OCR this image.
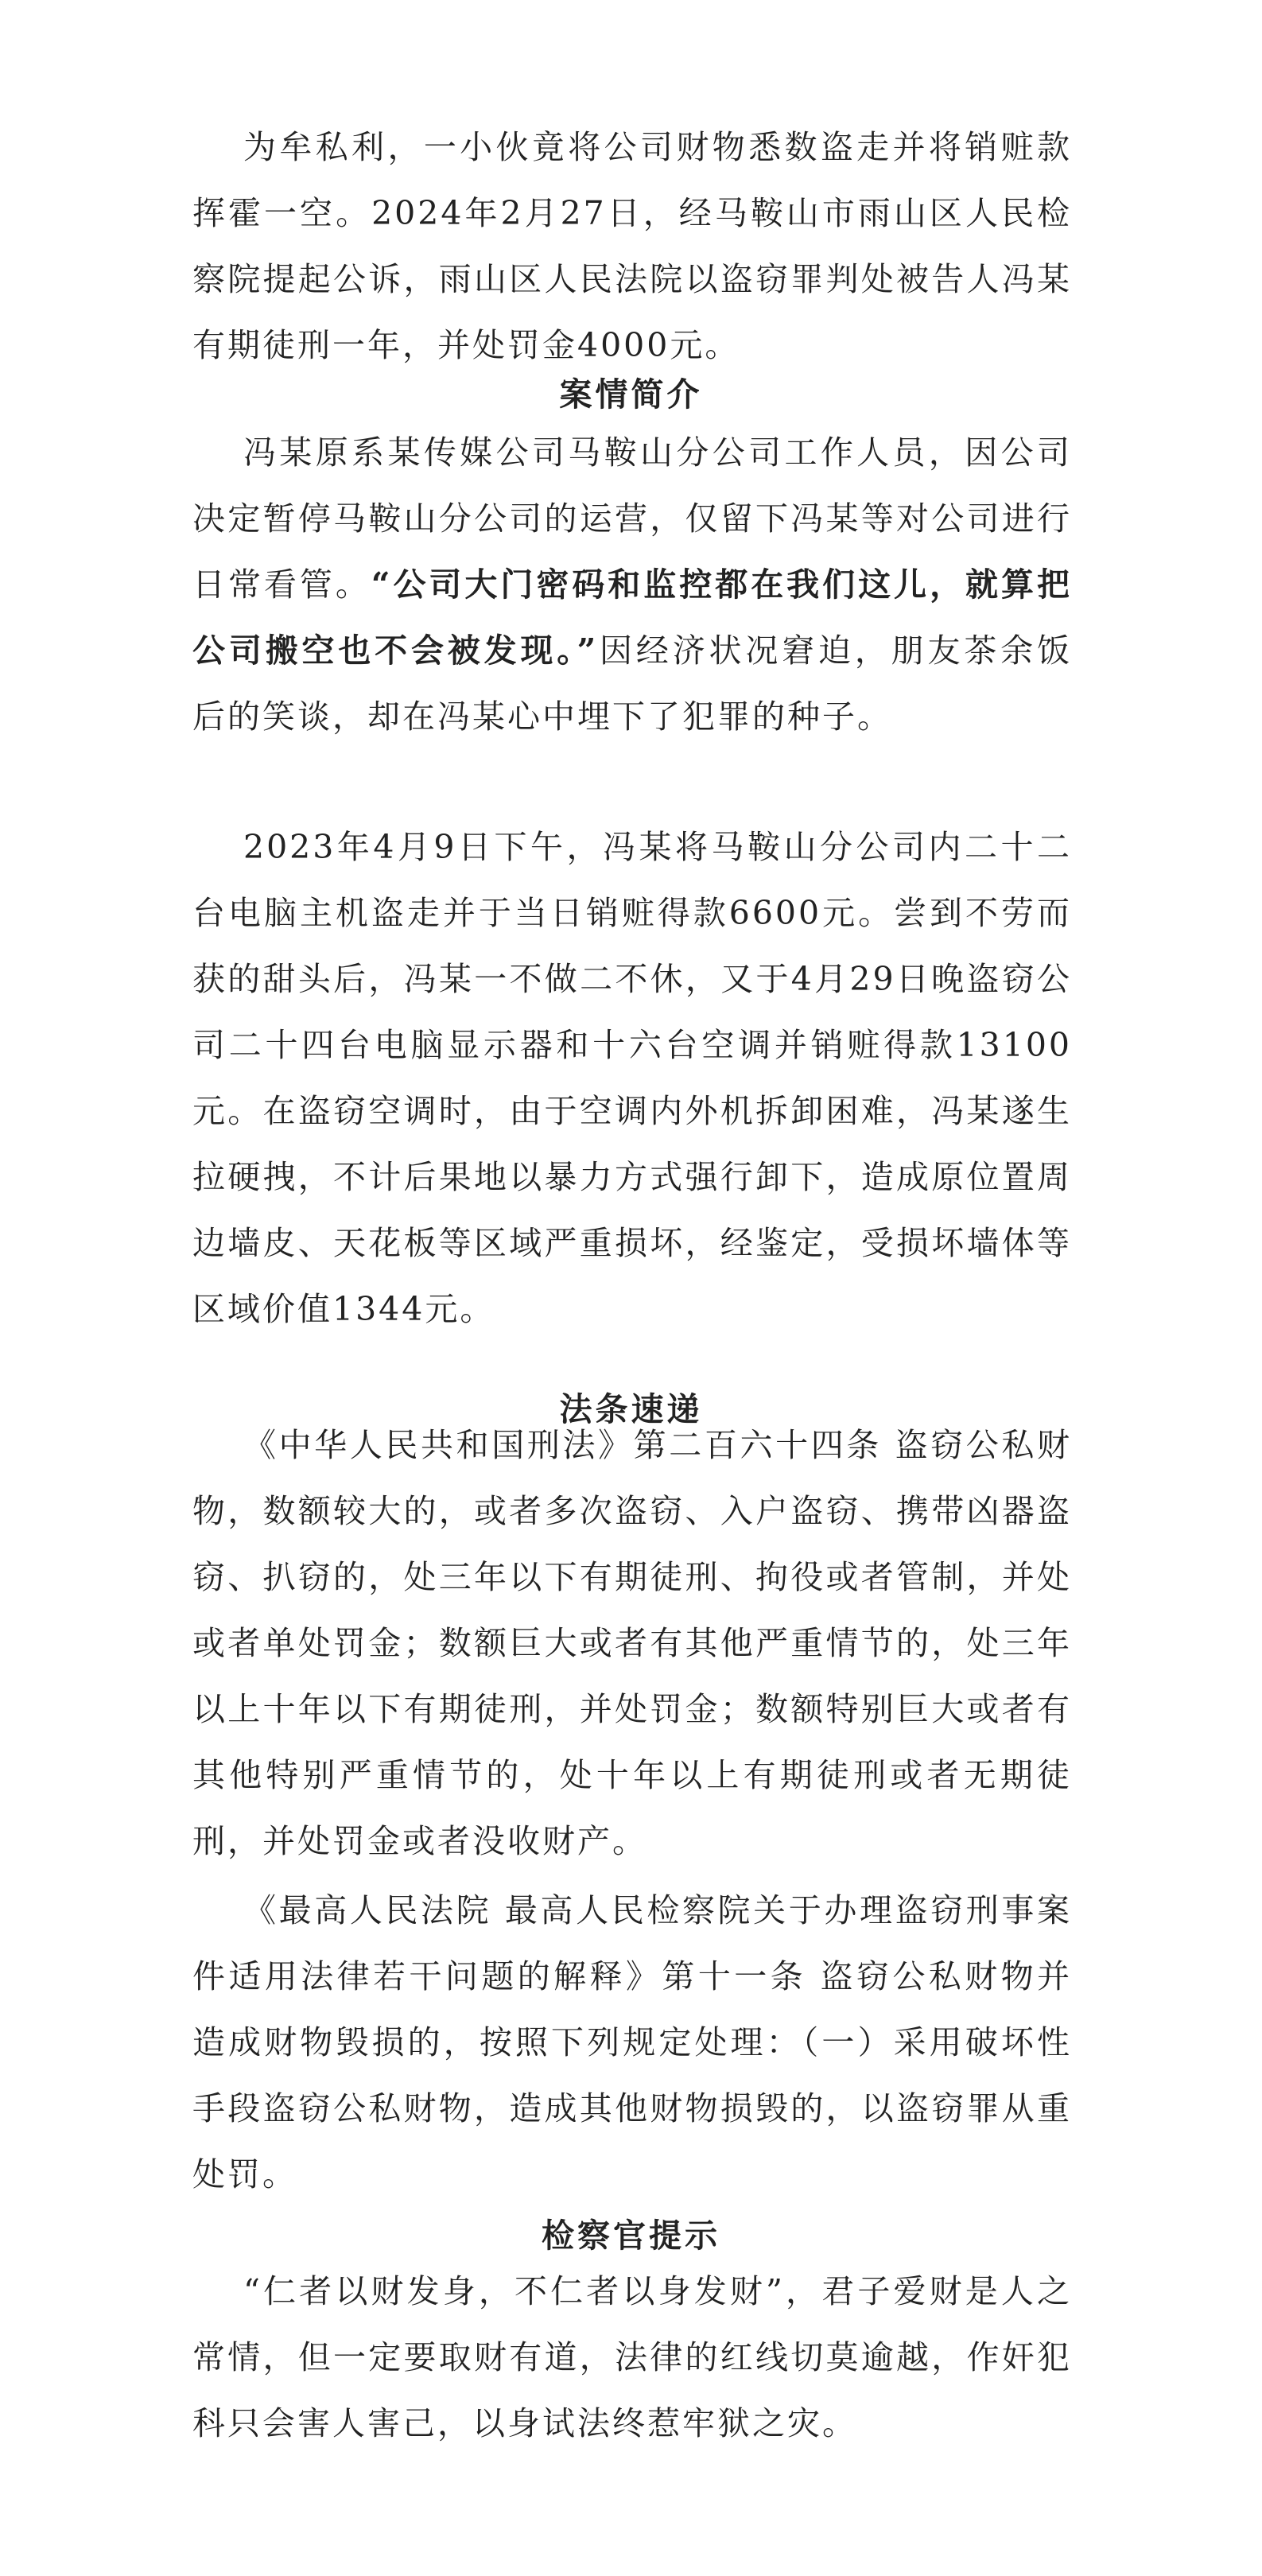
为牟私利，一小伙竟将公司财物悉数盗走并将销赃款挥霍一空。2024年2月27日，经马鞍山市雨山区人民检察院提起公诉，雨山区人民法院以盗窃罪判处被告人冯某有期徒刑一年，并处罚金4000元。

案情简介

冯某原系某传媒公司马鞍山分公司工作人员，因公司决定暂停马鞍山分公司的运营，仅留下冯某等对公司进行日常看管。“公司大门密码和监控都在我们这儿，就算把公司搬空也不会被发现。”因经济状况窘迫，朋友茶余饭后的笑谈，却在冯某心中埋下了犯罪的种子。

2023年4月9日下午，冯某将马鞍山分公司内二十二台电脑主机盗走并于当日销赃得款6600元。尝到不劳而获的甜头后，冯某一不做二不休，又于4月29日晚盗窃公司二十四台电脑显示器和十六台空调并销赃得款13100元。在盗窃空调时，由于空调内外机拆卸困难，冯某遂生拉硬拽，不计后果地以暴力方式强行卸下，造成原位置周边墙皮、天花板等区域严重损坏，经鉴定，受损坏墙体等区域价值1344元。

法条速递

《中华人民共和国刑法》第二百六十四条 盗窃公私财物，数额较大的，或者多次盗窃、入户盗窃、携带凶器盗窃、扒窃的，处三年以下有期徒刑、拘役或者管制，并处或者单处罚金；数额巨大或者有其他严重情节的，处三年以上十年以下有期徒刑，并处罚金；数额特别巨大或者有其他特别严重情节的，处十年以上有期徒刑或者无期徒刑，并处罚金或者没收财产。

《最高人民法院 最高人民检察院关于办理盗窃刑事案件适用法律若干问题的解释》第十一条 盗窃公私财物并造成财物毁损的，按照下列规定处理：（一）采用破坏性手段盗窃公私财物，造成其他财物损毁的，以盗窃罪从重处罚。

检察官提示

“仁者以财发身，不仁者以身发财”，君子爱财是人之常情，但一定要取财有道，法律的红线切莫逾越，作奸犯科只会害人害己，以身试法终惹牢狱之灾。
